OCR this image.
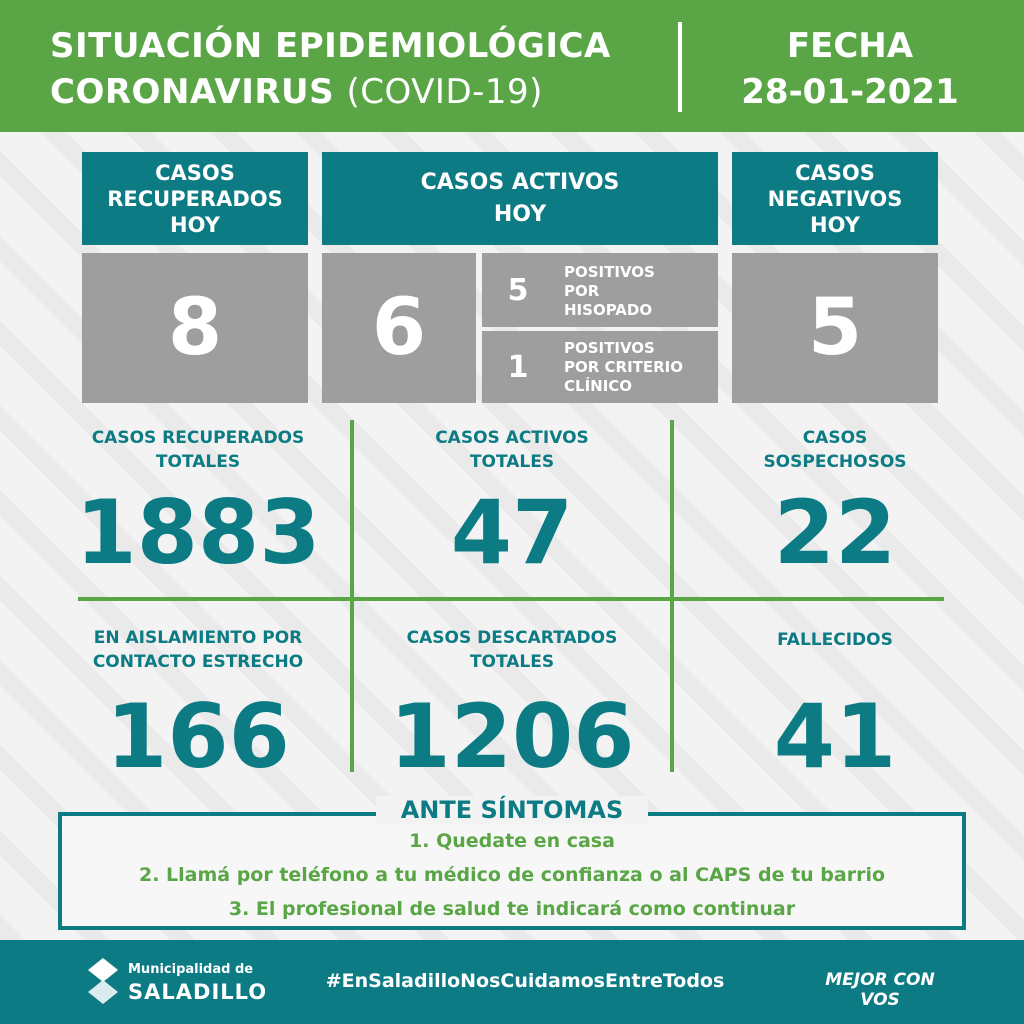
SITUACIÓN EPIDEMIOLÓGICA
CORONAVIRUS (COVID-19)
FECHA
28-01-2021
CASOS
RECUPERADOS
HOY
CASOS ACTIVOS
HOY
CASOS
NEGATIVOS
HOY
8	6	5
POSITIVOS
POR
HISOPADO
1
POSITIVOS
POR CRITERIO
CLÍNICO
5
CASOS RECUPERADOS
TOTALES
1883
CASOS ACTIVOS
TOTALES
47
CASOS
SOSPECHOSOS
22
EN AISLAMIENTO POR
CONTACTO ESTRECHO
166
CASOS DESCARTADOS
TOTALES
1206
FALLECIDOS
41
ANTE SÍNTOMAS
1. Quedate en casa
2. Llamá por teléfono a tu médico de confianza o al CAPS de tu barrio
3. El profesional de salud te indicará como continuar
Municipalidad de
SALADILLO	#EnSaladilloNosCuidamosEntreTodos	MEJOR CON VOS
